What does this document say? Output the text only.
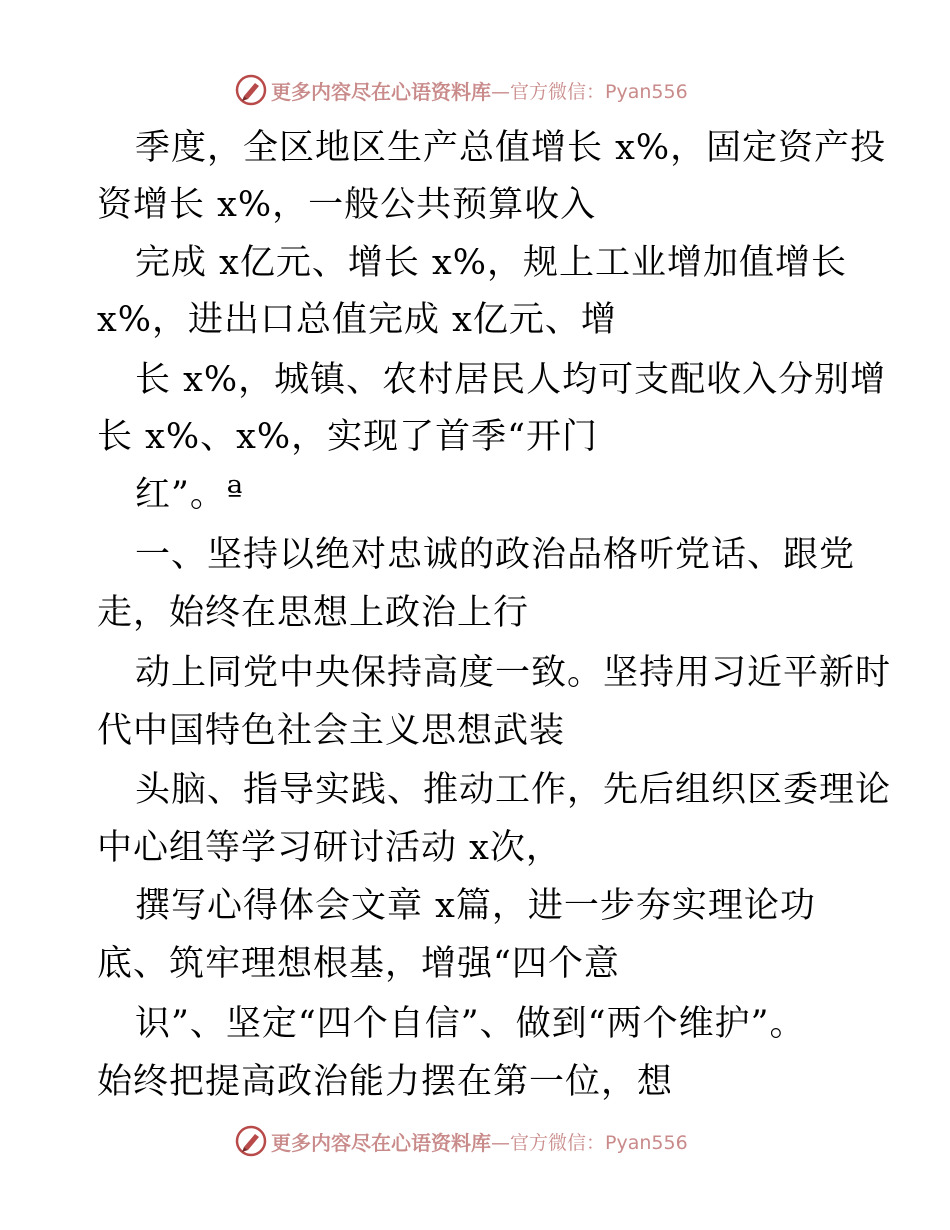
更多内容尽在心语资料库 —官方微信：Pyan556
季度，全区地区生产总值增长 x%，固定资产投
资增长 x%，一般公共预算收入
完成 x亿元、增长 x%，规上工业增加值增长
x%，进出口总值完成 x亿元、增
长 x%，城镇、农村居民人均可支配收入分别增
长 x%、x%，实现了首季“开门
红”。ª
一、坚持以绝对忠诚的政治品格听党话、跟党
走，始终在思想上政治上行
动上同党中央保持高度一致。坚持用习近平新时
代中国特色社会主义思想武装
头脑、指导实践、推动工作，先后组织区委理论
中心组等学习研讨活动 x次，
撰写心得体会文章 x篇，进一步夯实理论功
底、筑牢理想根基，增强“四个意
识”、坚定“四个自信”、做到“两个维护”。
始终把提高政治能力摆在第一位，想
更多内容尽在心语资料库 —官方微信：Pyan556
